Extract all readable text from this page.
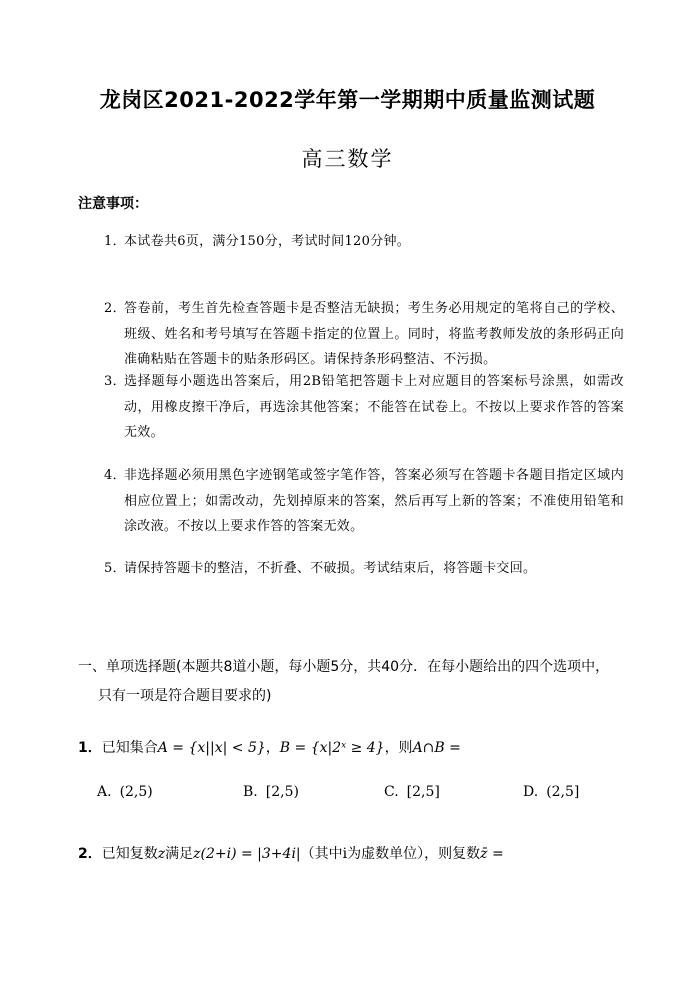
龙岗区2021-2022学年第一学期期中质量监测试题
高三数学
注意事项：
1．
本试卷共6页，满分150分，考试时间120分钟。
2．
答卷前，考生首先检查答题卡是否整洁无缺损；考生务必用规定的笔将自己的学校、班级、姓名和考号填写在答题卡指定的位置上。同时，将监考教师发放的条形码正向准确粘贴在答题卡的贴条形码区。请保持条形码整洁、不污损。
3．
选择题每小题选出答案后，用2B铅笔把答题卡上对应题目的答案标号涂黑，如需改动，用橡皮擦干净后，再选涂其他答案；不能答在试卷上。不按以上要求作答的答案无效。
4．
非选择题必须用黑色字迹钢笔或签字笔作答，答案必须写在答题卡各题目指定区域内相应位置上；如需改动，先划掉原来的答案，然后再写上新的答案；不准使用铅笔和涂改液。不按以上要求作答的答案无效。
5．
请保持答题卡的整洁，不折叠、不破损。考试结束后，将答题卡交回。
一、单项选择题(本题共8道小题，每小题5分，共40分．在每小题给出的四个选项中，
只有一项是符合题目要求的)
1．已知集合A = {x||x| < 5}，B = {x|2ˣ ≥ 4}，则A∩B =
A. (2,5)	B. [2,5)	C. [2,5]	D. (2,5]
2．已知复数z满足z(2+i) = |3+4i|（其中i为虚数单位），则复数z̄ =
